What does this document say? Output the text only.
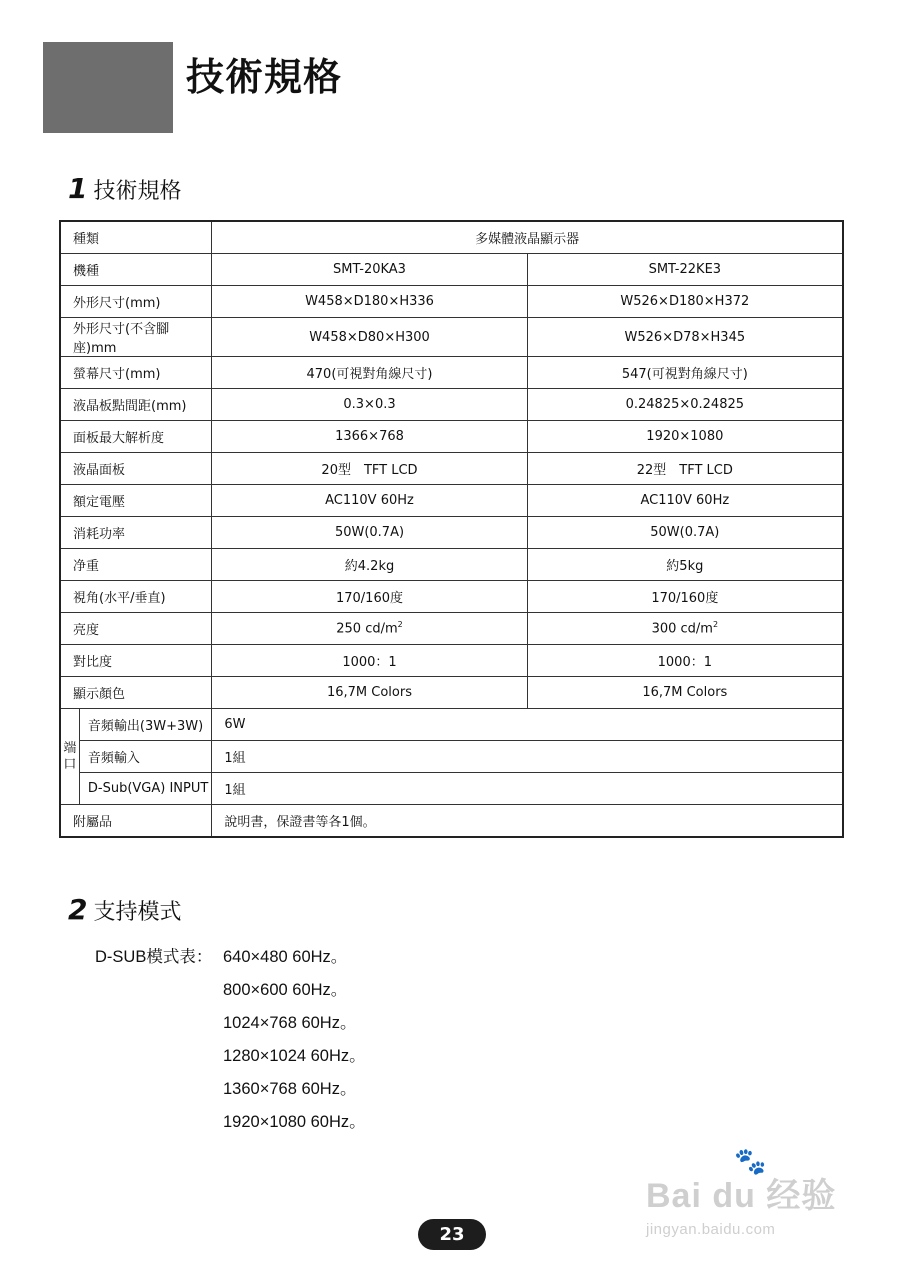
技術規格
1 技術規格
種類		多媒體液晶顯示器	
機種		SMT-20KA3	SMT-22KE3
外形尺寸(mm)		W458×D180×H336	W526×D180×H372
外形尺寸(不含腳座)mm		W458×D80×H300	W526×D78×H345
螢幕尺寸(mm)		470(可視對角線尺寸)	547(可視對角線尺寸)
液晶板點間距(mm)		0.3×0.3	0.24825×0.24825
面板最大解析度		1366×768	1920×1080
液晶面板		20型　TFT LCD	22型　TFT LCD
額定電壓		AC110V 60Hz	AC110V 60Hz
消耗功率		50W(0.7A)	50W(0.7A)
净重		約4.2kg	約5kg
視角(水平/垂直)		170/160度	170/160度
亮度		250 $cd/m^2$	300 $cd/m^2$
對比度		1000：1	1000：1
顯示顏色		16,7M Colors	16,7M Colors
端口	音頻輸出(3W+3W)	6W	
	音頻輸入	1組	
	D-Sub(VGA) INPUT	1組	
附屬品		說明書，保證書等各1個。	
2 支持模式
D-SUB模式表： 640×480 60Hz。
800×600 60Hz。
1024×768 60Hz。
1280×1024 60Hz。
1360×768 60Hz。
1920×1080 60Hz。
🐾
Bai du 经验
jingyan.baidu.com
23
